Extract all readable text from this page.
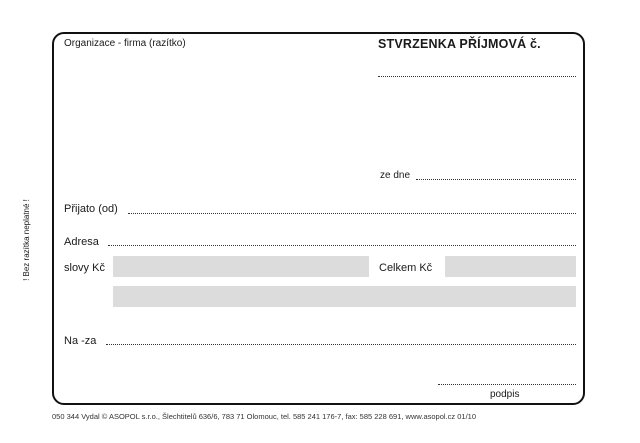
! Bez razítka neplatné !
Organizace - firma (razítko)	STVRZENKA PŘÍJMOVÁ č.
ze dne
Přijato (od)
Adresa
slovy Kč	Celkem Kč
Na -za
podpis
050 344 Vydal © ASOPOL s.r.o., Šlechtitelů 636/6, 783 71 Olomouc, tel. 585 241 176-7, fax: 585 228 691, www.asopol.cz 01/10
